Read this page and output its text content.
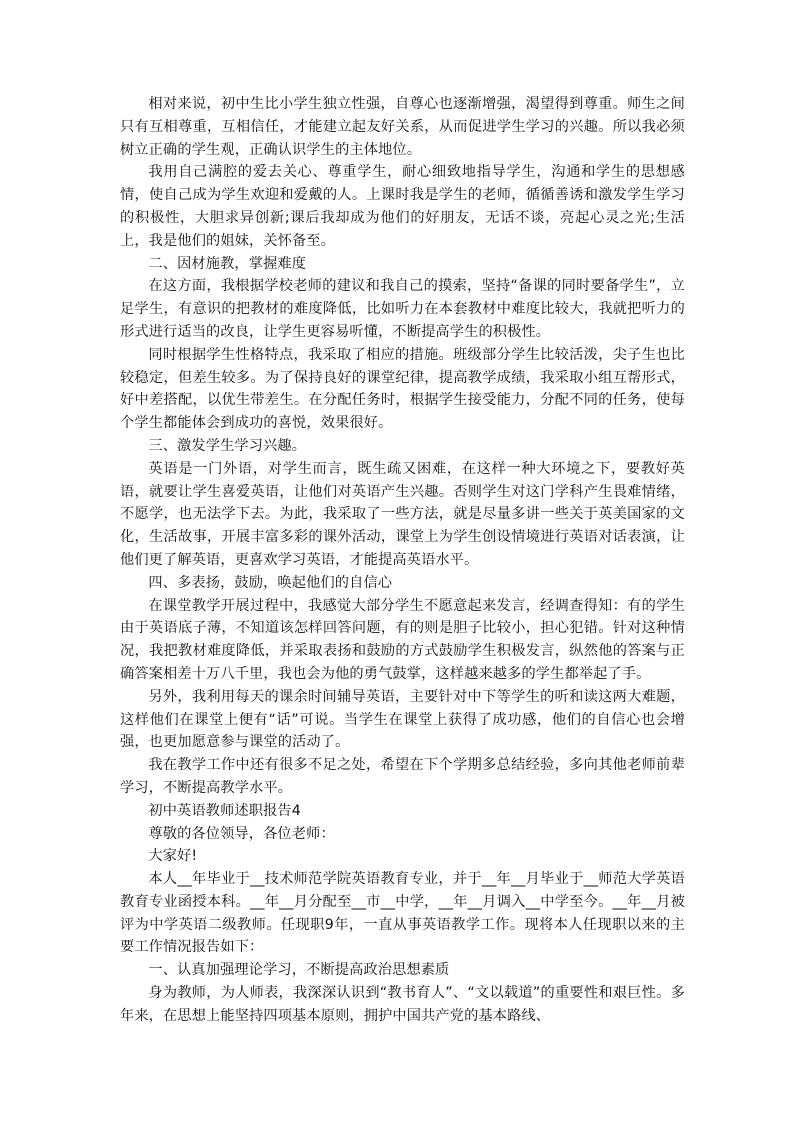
相对来说，初中生比小学生独立性强，自尊心也逐渐增强，渴望得到尊重。师生之间只有互相尊重，互相信任，才能建立起友好关系，从而促进学生学习的兴趣。所以我必须树立正确的学生观，正确认识学生的主体地位。

我用自己满腔的爱去关心、尊重学生，耐心细致地指导学生，沟通和学生的思想感情，使自己成为学生欢迎和爱戴的人。上课时我是学生的老师，循循善诱和激发学生学习的积极性，大胆求异创新;课后我却成为他们的好朋友，无话不谈，亮起心灵之光;生活上，我是他们的姐妹，关怀备至。

二、因材施教，掌握难度

在这方面，我根据学校老师的建议和我自己的摸索，坚持“备课的同时要备学生”，立足学生，有意识的把教材的难度降低，比如听力在本套教材中难度比较大，我就把听力的形式进行适当的改良，让学生更容易听懂，不断提高学生的积极性。

同时根据学生性格特点，我采取了相应的措施。班级部分学生比较活泼，尖子生也比较稳定，但差生较多。为了保持良好的课堂纪律，提高教学成绩，我采取小组互帮形式，好中差搭配，以优生带差生。在分配任务时，根据学生接受能力，分配不同的任务，使每个学生都能体会到成功的喜悦，效果很好。

三、激发学生学习兴趣。

英语是一门外语，对学生而言，既生疏又困难，在这样一种大环境之下，要教好英语，就要让学生喜爱英语，让他们对英语产生兴趣。否则学生对这门学科产生畏难情绪，不愿学，也无法学下去。为此，我采取了一些方法，就是尽量多讲一些关于英美国家的文化，生活故事，开展丰富多彩的课外活动，课堂上为学生创设情境进行英语对话表演，让他们更了解英语，更喜欢学习英语，才能提高英语水平。

四、多表扬，鼓励，唤起他们的自信心

在课堂教学开展过程中，我感觉大部分学生不愿意起来发言，经调查得知：有的学生由于英语底子薄，不知道该怎样回答问题，有的则是胆子比较小，担心犯错。针对这种情况，我把教材难度降低，并采取表扬和鼓励的方式鼓励学生积极发言，纵然他的答案与正确答案相差十万八千里，我也会为他的勇气鼓掌，这样越来越多的学生都举起了手。

另外，我利用每天的课余时间辅导英语，主要针对中下等学生的听和读这两大难题，这样他们在课堂上便有“话”可说。当学生在课堂上获得了成功感，他们的自信心也会增强，也更加愿意参与课堂的活动了。

我在教学工作中还有很多不足之处，希望在下个学期多总结经验，多向其他老师前辈学习，不断提高教学水平。

初中英语教师述职报告4

尊敬的各位领导，各位老师：

大家好!

本人__年毕业于__技术师范学院英语教育专业，并于__年__月毕业于__师范大学英语教育专业函授本科。__年__月分配至__市__中学，__年__月调入__中学至今。__年__月被评为中学英语二级教师。任现职9年，一直从事英语教学工作。现将本人任现职以来的主要工作情况报告如下：

一、认真加强理论学习，不断提高政治思想素质

身为教师，为人师表，我深深认识到“教书育人”、“文以载道”的重要性和艰巨性。多年来，在思想上能坚持四项基本原则，拥护中国共产党的基本路线、
